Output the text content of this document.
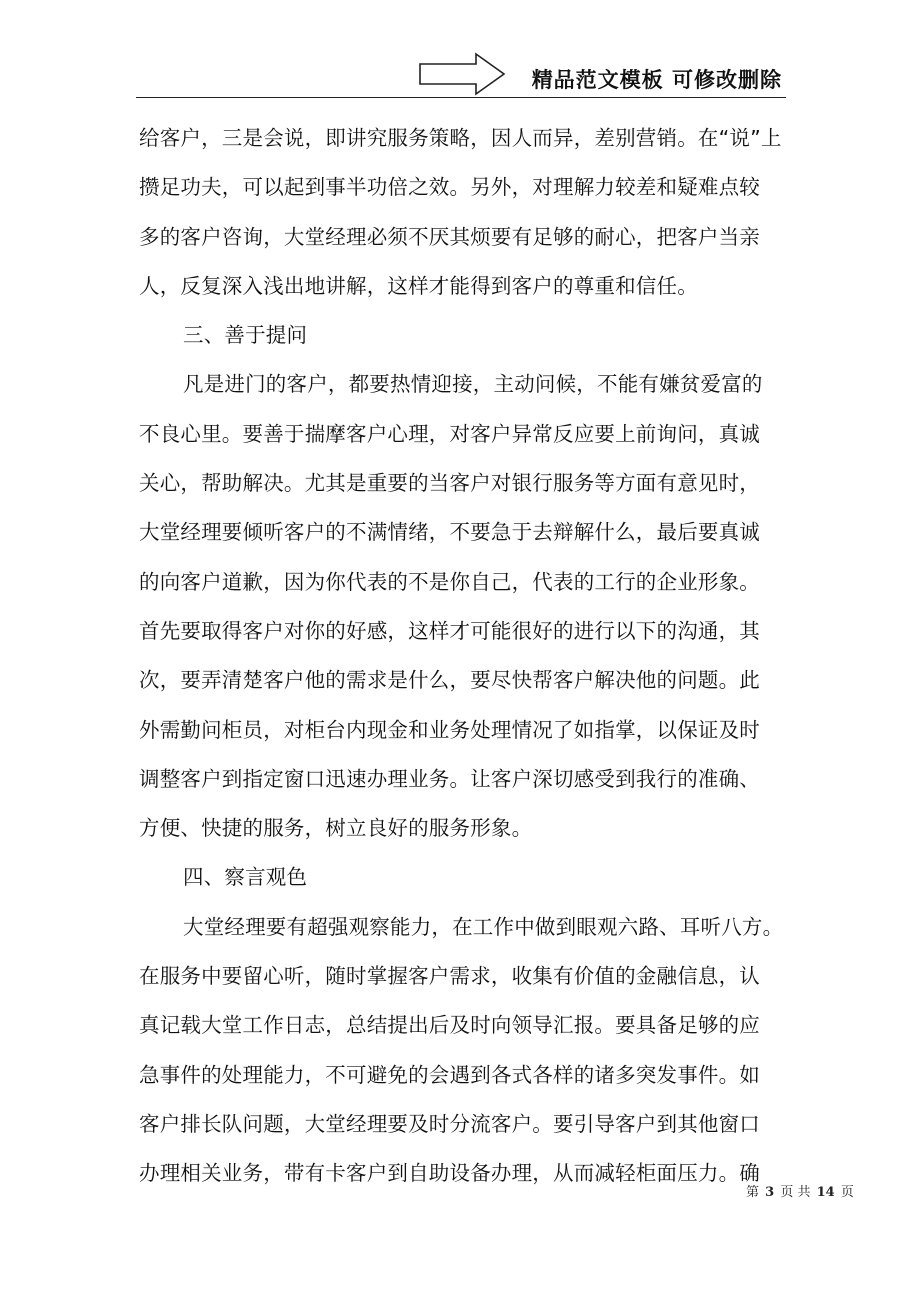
精品范文模板 可修改删除
给客户，三是会说，即讲究服务策略，因人而异，差别营销。在“说”上
攒足功夫，可以起到事半功倍之效。另外，对理解力较差和疑难点较
多的客户咨询，大堂经理必须不厌其烦要有足够的耐心，把客户当亲
人，反复深入浅出地讲解，这样才能得到客户的尊重和信任。
三、善于提问
凡是进门的客户，都要热情迎接，主动问候，不能有嫌贫爱富的
不良心里。要善于揣摩客户心理，对客户异常反应要上前询问，真诚
关心，帮助解决。尤其是重要的当客户对银行服务等方面有意见时，
大堂经理要倾听客户的不满情绪，不要急于去辩解什么，最后要真诚
的向客户道歉，因为你代表的不是你自己，代表的工行的企业形象。
首先要取得客户对你的好感，这样才可能很好的进行以下的沟通，其
次，要弄清楚客户他的需求是什么，要尽快帮客户解决他的问题。此
外需勤问柜员，对柜台内现金和业务处理情况了如指掌，以保证及时
调整客户到指定窗口迅速办理业务。让客户深切感受到我行的准确、
方便、快捷的服务，树立良好的服务形象。
四、察言观色
大堂经理要有超强观察能力，在工作中做到眼观六路、耳听八方。
在服务中要留心听，随时掌握客户需求，收集有价值的金融信息，认
真记载大堂工作日志，总结提出后及时向领导汇报。要具备足够的应
急事件的处理能力，不可避免的会遇到各式各样的诸多突发事件。如
客户排长队问题，大堂经理要及时分流客户。要引导客户到其他窗口
办理相关业务，带有卡客户到自助设备办理，从而减轻柜面压力。确
第 3 页 共 14 页
